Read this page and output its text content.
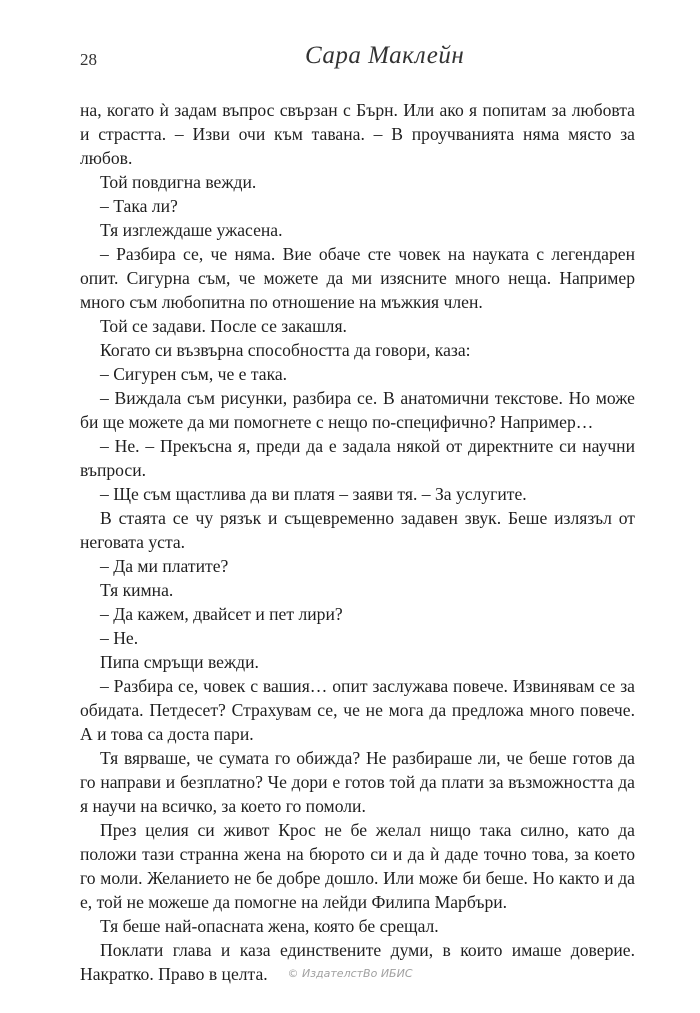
28	Сара Маклейн

на, когато ѝ задам въпрос свързан с Бърн. Или ако я попитам за любовта и страстта. – Изви очи към тавана. – В проучванията няма място за любов.

Той повдигна вежди.

– Така ли?

Тя изглеждаше ужасена.

– Разбира се, че няма. Вие обаче сте човек на науката с легендарен опит. Сигурна съм, че можете да ми изясните много неща. Например много съм любопитна по отношение на мъжкия член.

Той се задави. После се закашля.

Когато си възвърна способността да говори, каза:

– Сигурен съм, че е така.

– Виждала съм рисунки, разбира се. В анатомични текстове. Но може би ще можете да ми помогнете с нещо по-специфично? Например…

– Не. – Прекъсна я, преди да е задала някой от директните си научни въпроси.

– Ще съм щастлива да ви платя – заяви тя. – За услугите.

В стаята се чу рязък и същевременно задавен звук. Беше излязъл от неговата уста.

– Да ми платите?

Тя кимна.

– Да кажем, двайсет и пет лири?

– Не.

Пипа смръщи вежди.

– Разбира се, човек с вашия… опит заслужава повече. Извинявам се за обидата. Петдесет? Страхувам се, че не мога да предложа много повече. А и това са доста пари.

Тя вярваше, че сумата го обижда? Не разбираше ли, че беше готов да го направи и безплатно? Че дори е готов той да плати за възможността да я научи на всичко, за което го помоли.

През целия си живот Крос не бе желал нищо така силно, като да положи тази странна жена на бюрото си и да ѝ даде точно това, за което го моли. Желанието не бе добре дошло. Или може би беше. Но както и да е, той не можеше да помогне на лейди Филипа Марбъри.

Тя беше най-опасната жена, която бе срещал.

Поклати глава и каза единствените думи, в които имаше доверие. Накратко. Право в целта.	© ИздателстВо ИБИС
